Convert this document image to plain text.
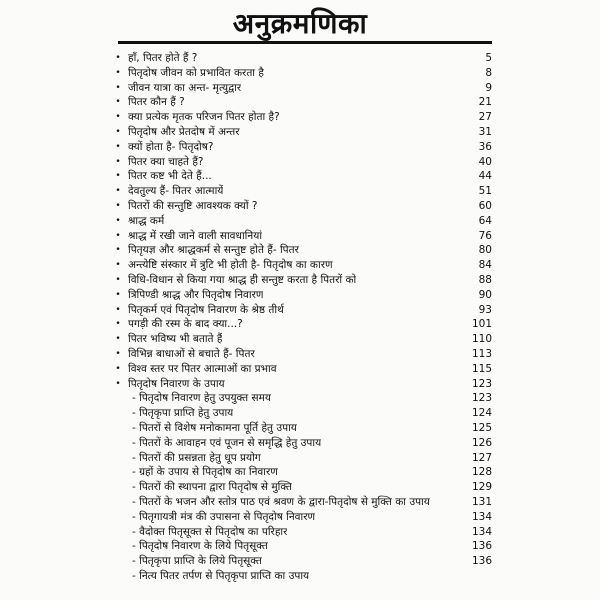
अनुक्रमणिका
• हाँ, पितर होते हैं ?	5
• पितृदोष जीवन को प्रभावित करता है	8
• जीवन यात्रा का अन्त- मृत्युद्वार	9
• पितर कौन हैं ?	21
• क्या प्रत्येक मृतक परिजन पितर होता है?	27
• पितृदोष और प्रेतदोष में अन्तर	31
• क्यों होता है- पितृदोष?	36
• पितर क्या चाहते हैं?	40
• पितर कष्ट भी देते हैं...	44
• देवतुल्य हैं- पितर आत्मायें	51
• पितरों की सन्तुष्टि आवश्यक क्यों ?	60
• श्राद्ध कर्म	64
• श्राद्ध में रखी जाने वाली सावधानियां	76
• पितृयज्ञ और श्राद्धकर्म से सन्तुष्ट होते हैं- पितर	80
• अन्त्येष्टि संस्कार में त्रुटि भी होती है- पितृदोष का कारण	84
• विधि-विधान से किया गया श्राद्ध ही सन्तुष्ट करता है पितरों को	88
• त्रिपिण्डी श्राद्ध और पितृदोष निवारण	90
• पितृकर्म एवं पितृदोष निवारण के श्रेष्ठ तीर्थ	93
• पगड़ी की रस्म के बाद क्या...?	101
• पितर भविष्य भी बताते हैं	110
• विभिन्न बाधाओं से बचाते हैं- पितर	113
• विश्व स्तर पर पितर आत्माओं का प्रभाव	115
• पितृदोष निवारण के उपाय	123
- पितृदोष निवारण हेतु उपयुक्त समय	123
- पितृकृपा प्राप्ति हेतु उपाय	124
- पितरों से विशेष मनोकामना पूर्ति हेतु उपाय	125
- पितरों के आवाहन एवं पूजन से समृद्धि हेतु उपाय	126
- पितरों की प्रसन्नता हेतु धूप प्रयोग	127
- ग्रहों के उपाय से पितृदोष का निवारण	128
- पितरों की स्थापना द्वारा पितृदोष से मुक्ति	129
- पितरों के भजन और स्तोत्र पाठ एवं श्रवण के द्वारा-पितृदोष से मुक्ति का उपाय	131
- पितृगायत्री मंत्र की उपासना से पितृदोष निवारण	134
- वैदोक्त पितृसूक्त से पितृदोष का परिहार	134
- पितृदोष निवारण के लिये पितृसूक्त	136
- पितृकृपा प्राप्ति के लिये पितृसूक्त	136
- नित्य पितर तर्पण से पितृकृपा प्राप्ति का उपाय
